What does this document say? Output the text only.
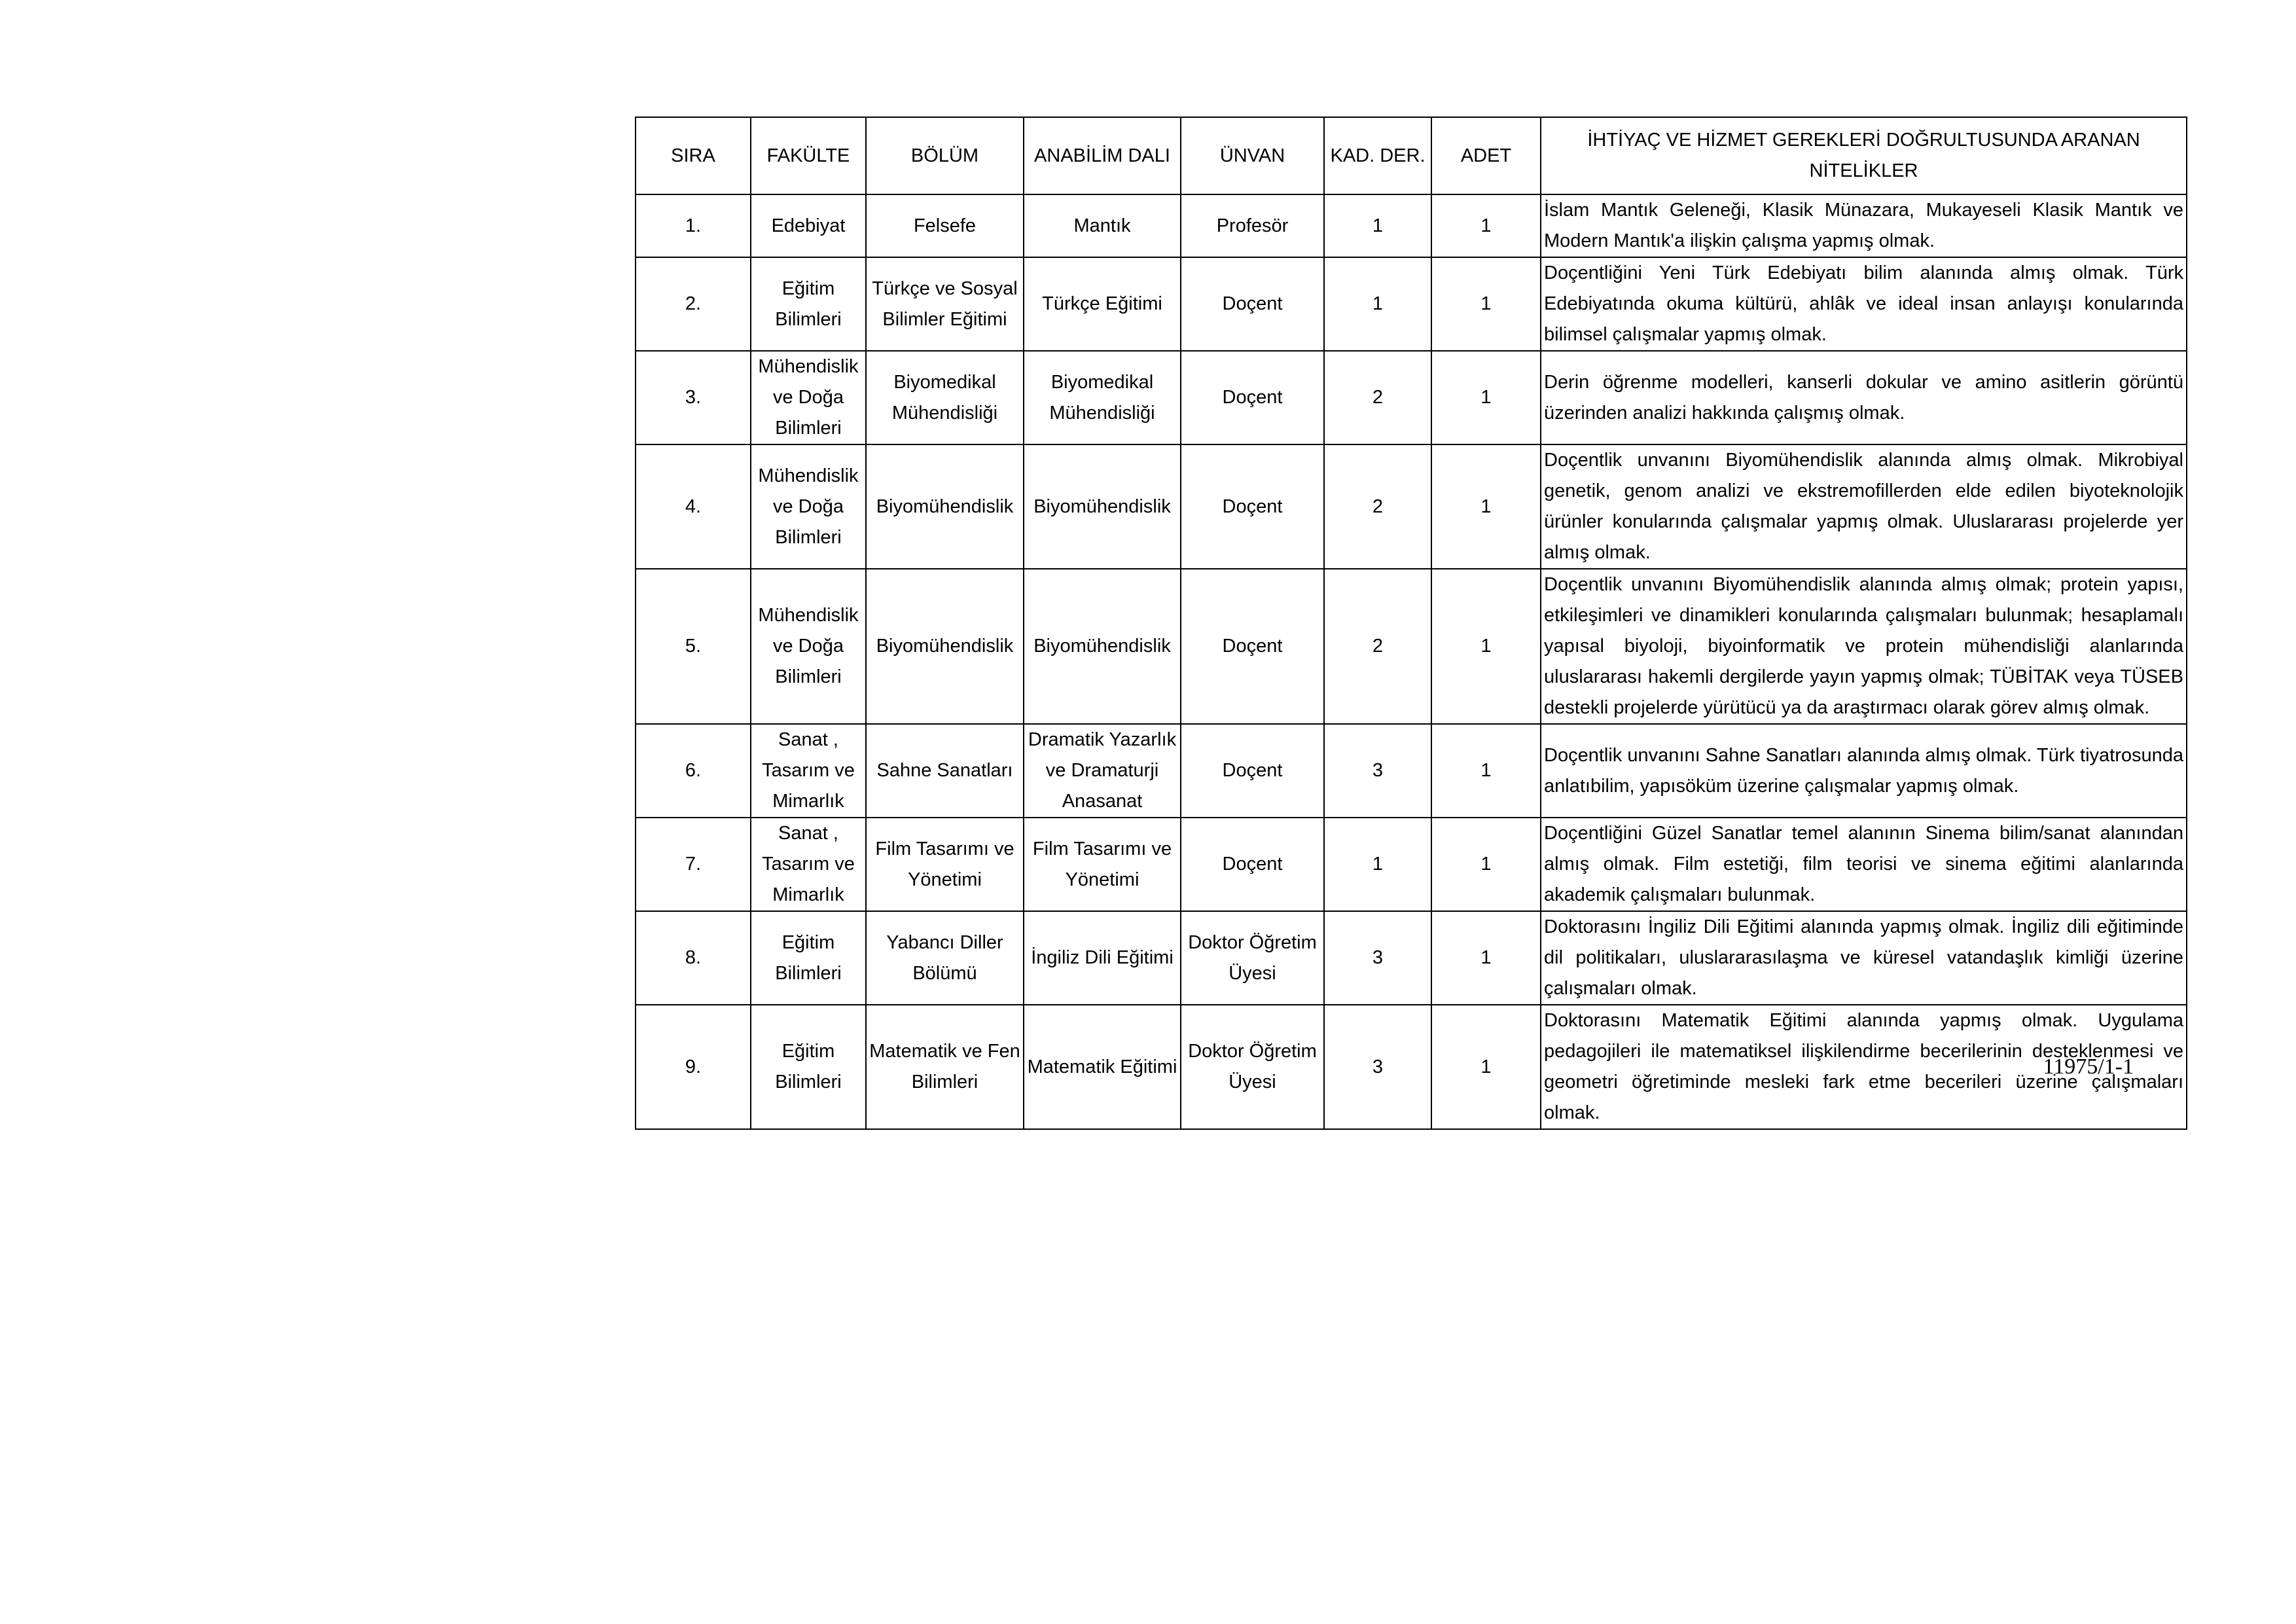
SIRA	FAKÜLTE	BÖLÜM	ANABİLİM DALI	ÜNVAN	KAD. DER.	ADET	İHTİYAÇ VE HİZMET GEREKLERİ DOĞRULTUSUNDA ARANAN NİTELİKLER
1.	Edebiyat	Felsefe	Mantık	Profesör	1	1	İslam Mantık Geleneği, Klasik Münazara, Mukayeseli Klasik Mantık ve Modern Mantık'a ilişkin çalışma yapmış olmak.
2.	Eğitim Bilimleri	Türkçe ve Sosyal Bilimler Eğitimi	Türkçe Eğitimi	Doçent	1	1	Doçentliğini Yeni Türk Edebiyatı bilim alanında almış olmak. Türk Edebiyatında okuma kültürü, ahlâk ve ideal insan anlayışı konularında bilimsel çalışmalar yapmış olmak.
3.	Mühendislik ve Doğa Bilimleri	Biyomedikal Mühendisliği	Biyomedikal Mühendisliği	Doçent	2	1	Derin öğrenme modelleri, kanserli dokular ve amino asitlerin görüntü üzerinden analizi hakkında çalışmış olmak.
4.	Mühendislik ve Doğa Bilimleri	Biyomühendislik	Biyomühendislik	Doçent	2	1	Doçentlik unvanını Biyomühendislik alanında almış olmak. Mikrobiyal genetik, genom analizi ve ekstremofillerden elde edilen biyoteknolojik ürünler konularında çalışmalar yapmış olmak. Uluslararası projelerde yer almış olmak.
5.	Mühendislik ve Doğa Bilimleri	Biyomühendislik	Biyomühendislik	Doçent	2	1	Doçentlik unvanını Biyomühendislik alanında almış olmak; protein yapısı, etkileşimleri ve dinamikleri konularında çalışmaları bulunmak; hesaplamalı yapısal biyoloji, biyoinformatik ve protein mühendisliği alanlarında uluslararası hakemli dergilerde yayın yapmış olmak; TÜBİTAK veya TÜSEB destekli projelerde yürütücü ya da araştırmacı olarak görev almış olmak.
6.	Sanat , Tasarım ve Mimarlık	Sahne Sanatları	Dramatik Yazarlık ve Dramaturji Anasanat	Doçent	3	1	Doçentlik unvanını Sahne Sanatları alanında almış olmak. Türk tiyatrosunda anlatıbilim, yapısöküm üzerine çalışmalar yapmış olmak.
7.	Sanat , Tasarım ve Mimarlık	Film Tasarımı ve Yönetimi	Film Tasarımı ve Yönetimi	Doçent	1	1	Doçentliğini Güzel Sanatlar temel alanının Sinema bilim/sanat alanından almış olmak. Film estetiği, film teorisi ve sinema eğitimi alanlarında akademik çalışmaları bulunmak.
8.	Eğitim Bilimleri	Yabancı Diller Bölümü	İngiliz Dili Eğitimi	Doktor Öğretim Üyesi	3	1	Doktorasını İngiliz Dili Eğitimi alanında yapmış olmak. İngiliz dili eğitiminde dil politikaları, uluslararasılaşma ve küresel vatandaşlık kimliği üzerine çalışmaları olmak.
9.	Eğitim Bilimleri	Matematik ve Fen Bilimleri	Matematik Eğitimi	Doktor Öğretim Üyesi	3	1	Doktorasını Matematik Eğitimi alanında yapmış olmak. Uygulama pedagojileri ile matematiksel ilişkilendirme becerilerinin desteklenmesi ve geometri öğretiminde mesleki fark etme becerileri üzerine çalışmaları olmak.
11975/1-1
